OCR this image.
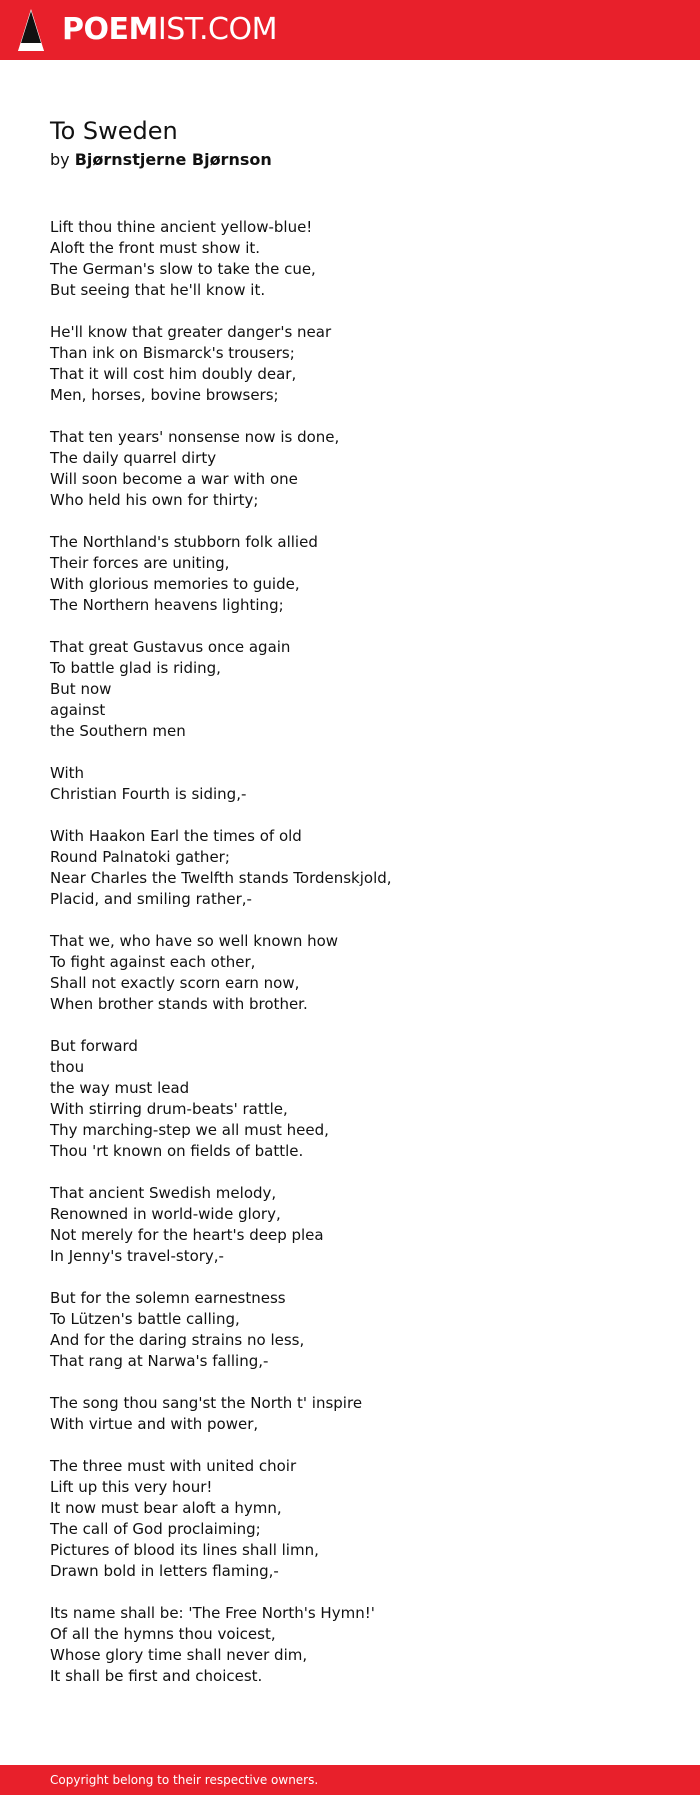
POEM IST.COM
To Sweden
by Bjørnstjerne Bjørnson
Lift thou thine ancient yellow-blue!
Aloft the front must show it.
The German's slow to take the cue,
But seeing that he'll know it.
He'll know that greater danger's near
Than ink on Bismarck's trousers;
That it will cost him doubly dear,
Men, horses, bovine browsers;
That ten years' nonsense now is done,
The daily quarrel dirty
Will soon become a war with one
Who held his own for thirty;
The Northland's stubborn folk allied
Their forces are uniting,
With glorious memories to guide,
The Northern heavens lighting;
That great Gustavus once again
To battle glad is riding,
But now
against
the Southern men
With
Christian Fourth is siding,-
With Haakon Earl the times of old
Round Palnatoki gather;
Near Charles the Twelfth stands Tordenskjold,
Placid, and smiling rather,-
That we, who have so well known how
To fight against each other,
Shall not exactly scorn earn now,
When brother stands with brother.
But forward
thou
the way must lead
With stirring drum-beats' rattle,
Thy marching-step we all must heed,
Thou 'rt known on fields of battle.
That ancient Swedish melody,
Renowned in world-wide glory,
Not merely for the heart's deep plea
In Jenny's travel-story,-
But for the solemn earnestness
To Lützen's battle calling,
And for the daring strains no less,
That rang at Narwa's falling,-
The song thou sang'st the North t' inspire
With virtue and with power,
The three must with united choir
Lift up this very hour!
It now must bear aloft a hymn,
The call of God proclaiming;
Pictures of blood its lines shall limn,
Drawn bold in letters flaming,-
Its name shall be: 'The Free North's Hymn!'
Of all the hymns thou voicest,
Whose glory time shall never dim,
It shall be first and choicest.
Copyright belong to their respective owners.
